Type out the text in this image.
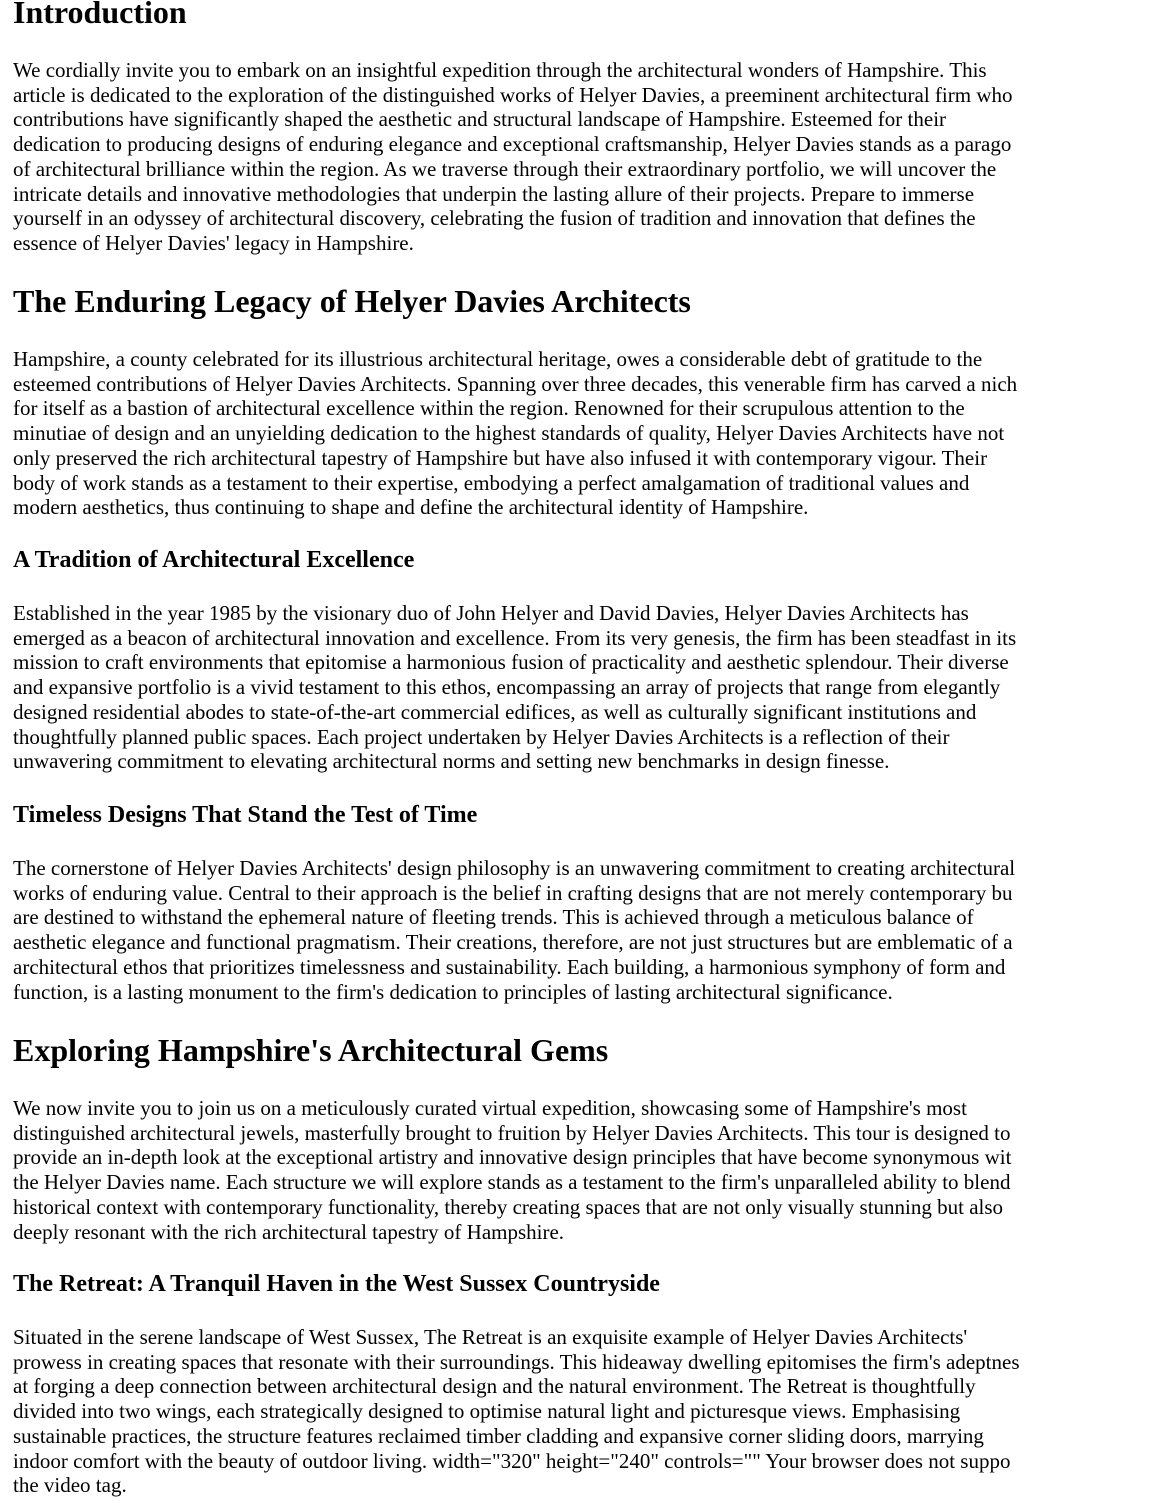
Introduction

We cordially invite you to embark on an insightful expedition through the architectural wonders of Hampshire. This
article is dedicated to the exploration of the distinguished works of Helyer Davies, a preeminent architectural firm who
contributions have significantly shaped the aesthetic and structural landscape of Hampshire. Esteemed for their
dedication to producing designs of enduring elegance and exceptional craftsmanship, Helyer Davies stands as a parago
of architectural brilliance within the region. As we traverse through their extraordinary portfolio, we will uncover the
intricate details and innovative methodologies that underpin the lasting allure of their projects. Prepare to immerse
yourself in an odyssey of architectural discovery, celebrating the fusion of tradition and innovation that defines the
essence of Helyer Davies' legacy in Hampshire.

The Enduring Legacy of Helyer Davies Architects

Hampshire, a county celebrated for its illustrious architectural heritage, owes a considerable debt of gratitude to the
esteemed contributions of Helyer Davies Architects. Spanning over three decades, this venerable firm has carved a nich
for itself as a bastion of architectural excellence within the region. Renowned for their scrupulous attention to the
minutiae of design and an unyielding dedication to the highest standards of quality, Helyer Davies Architects have not
only preserved the rich architectural tapestry of Hampshire but have also infused it with contemporary vigour. Their
body of work stands as a testament to their expertise, embodying a perfect amalgamation of traditional values and
modern aesthetics, thus continuing to shape and define the architectural identity of Hampshire.

A Tradition of Architectural Excellence

Established in the year 1985 by the visionary duo of John Helyer and David Davies, Helyer Davies Architects has
emerged as a beacon of architectural innovation and excellence. From its very genesis, the firm has been steadfast in its
mission to craft environments that epitomise a harmonious fusion of practicality and aesthetic splendour. Their diverse
and expansive portfolio is a vivid testament to this ethos, encompassing an array of projects that range from elegantly
designed residential abodes to state-of-the-art commercial edifices, as well as culturally significant institutions and
thoughtfully planned public spaces. Each project undertaken by Helyer Davies Architects is a reflection of their
unwavering commitment to elevating architectural norms and setting new benchmarks in design finesse.

Timeless Designs That Stand the Test of Time

The cornerstone of Helyer Davies Architects' design philosophy is an unwavering commitment to creating architectural
works of enduring value. Central to their approach is the belief in crafting designs that are not merely contemporary bu
are destined to withstand the ephemeral nature of fleeting trends. This is achieved through a meticulous balance of
aesthetic elegance and functional pragmatism. Their creations, therefore, are not just structures but are emblematic of a
architectural ethos that prioritizes timelessness and sustainability. Each building, a harmonious symphony of form and
function, is a lasting monument to the firm's dedication to principles of lasting architectural significance.

Exploring Hampshire's Architectural Gems

We now invite you to join us on a meticulously curated virtual expedition, showcasing some of Hampshire's most
distinguished architectural jewels, masterfully brought to fruition by Helyer Davies Architects. This tour is designed to
provide an in-depth look at the exceptional artistry and innovative design principles that have become synonymous wit
the Helyer Davies name. Each structure we will explore stands as a testament to the firm's unparalleled ability to blend
historical context with contemporary functionality, thereby creating spaces that are not only visually stunning but also
deeply resonant with the rich architectural tapestry of Hampshire.

The Retreat: A Tranquil Haven in the West Sussex Countryside

Situated in the serene landscape of West Sussex, The Retreat is an exquisite example of Helyer Davies Architects'
prowess in creating spaces that resonate with their surroundings. This hideaway dwelling epitomises the firm's adeptnes
at forging a deep connection between architectural design and the natural environment. The Retreat is thoughtfully
divided into two wings, each strategically designed to optimise natural light and picturesque views. Emphasising
sustainable practices, the structure features reclaimed timber cladding and expansive corner sliding doors, marrying
indoor comfort with the beauty of outdoor living. width="320" height="240" controls="" Your browser does not suppo
the video tag.
